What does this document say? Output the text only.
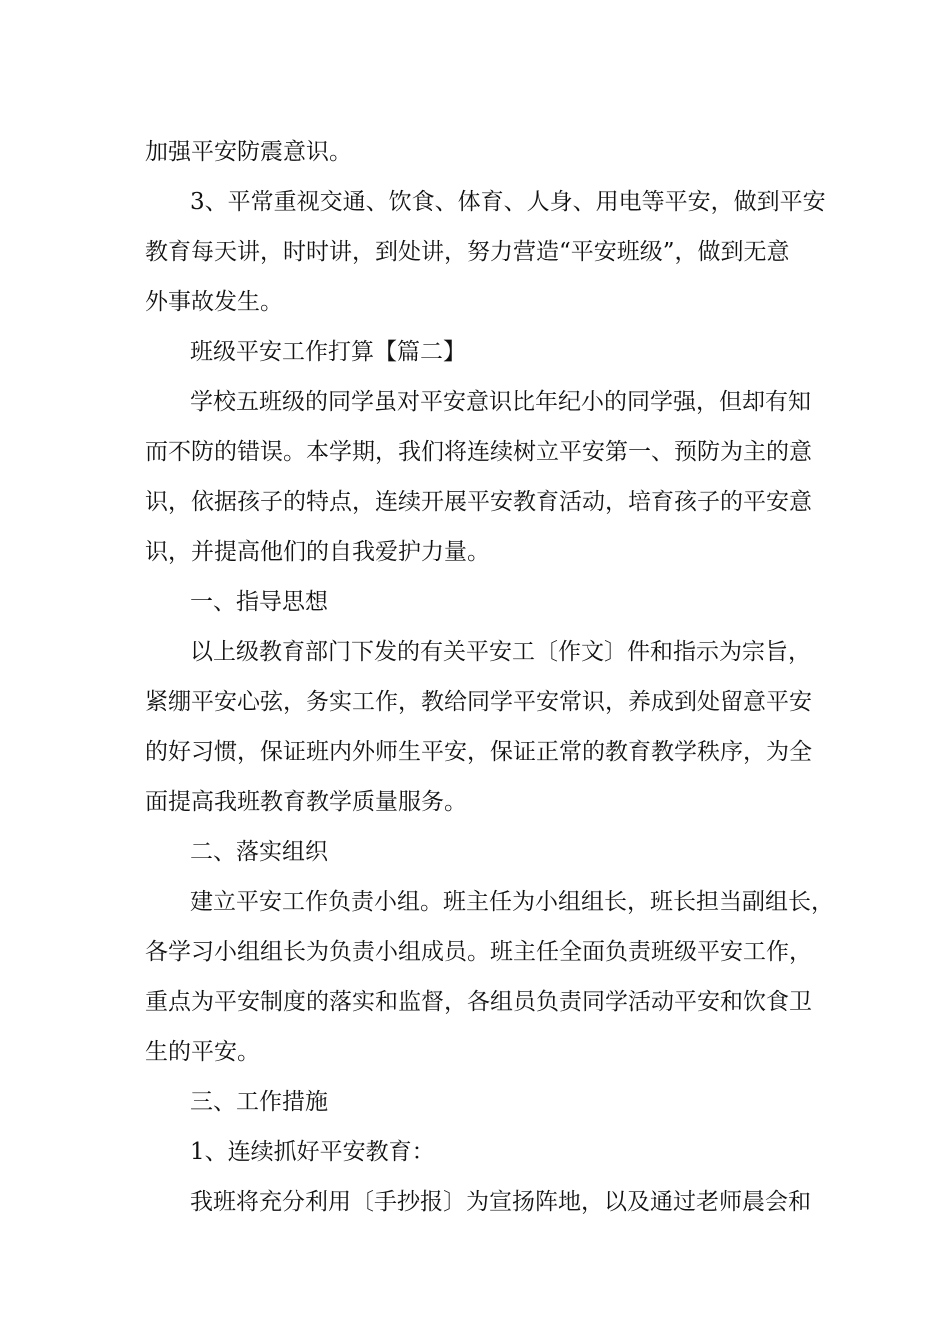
加强平安防震意识。
3、平常重视交通、饮食、体育、人身、用电等平安，做到平安
教育每天讲，时时讲，到处讲，努力营造“平安班级”，做到无意
外事故发生。
班级平安工作打算【篇二】
学校五班级的同学虽对平安意识比年纪小的同学强，但却有知
而不防的错误。本学期，我们将连续树立平安第一、预防为主的意
识，依据孩子的特点，连续开展平安教育活动，培育孩子的平安意
识，并提高他们的自我爱护力量。
一、指导思想
以上级教育部门下发的有关平安工〔作文〕件和指示为宗旨，
紧绷平安心弦，务实工作，教给同学平安常识，养成到处留意平安
的好习惯，保证班内外师生平安，保证正常的教育教学秩序，为全
面提高我班教育教学质量服务。
二、落实组织
建立平安工作负责小组。班主任为小组组长，班长担当副组长，
各学习小组组长为负责小组成员。班主任全面负责班级平安工作，
重点为平安制度的落实和监督，各组员负责同学活动平安和饮食卫
生的平安。
三、工作措施
1、连续抓好平安教育：
我班将充分利用〔手抄报〕为宣扬阵地，以及通过老师晨会和
